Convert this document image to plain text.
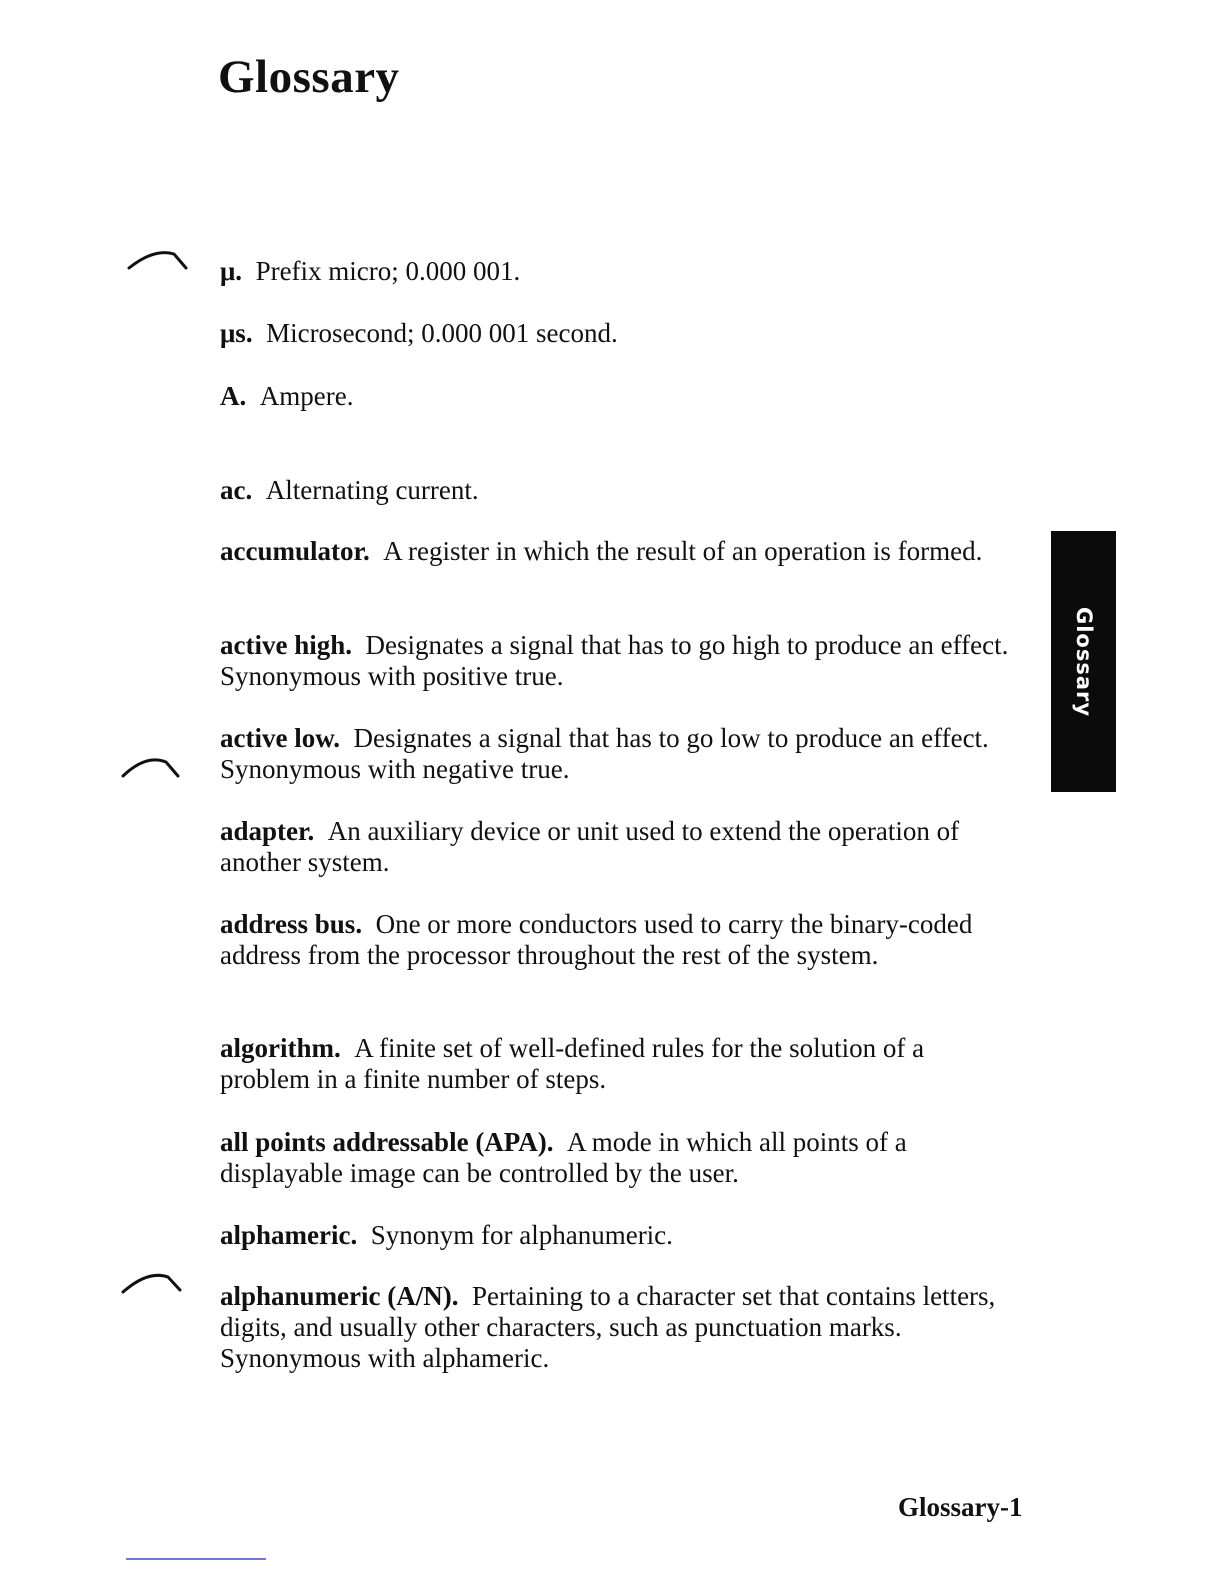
Glossary

μ. Prefix micro; 0.000 001.

μs. Microsecond; 0.000 001 second.

A. Ampere.

ac. Alternating current.

accumulator. A register in which the result of an operation is formed.

active high. Designates a signal that has to go high to produce an effect. Synonymous with positive true.

active low. Designates a signal that has to go low to produce an effect. Synonymous with negative true.

adapter. An auxiliary device or unit used to extend the operation of another system.

address bus. One or more conductors used to carry the binary-coded address from the processor throughout the rest of the system.

algorithm. A finite set of well-defined rules for the solution of a problem in a finite number of steps.

all points addressable (APA). A mode in which all points of a displayable image can be controlled by the user.

alphameric. Synonym for alphanumeric.

alphanumeric (A/N). Pertaining to a character set that contains letters, digits, and usually other characters, such as punctuation marks. Synonymous with alphameric.

Glossary
Glossary-1
